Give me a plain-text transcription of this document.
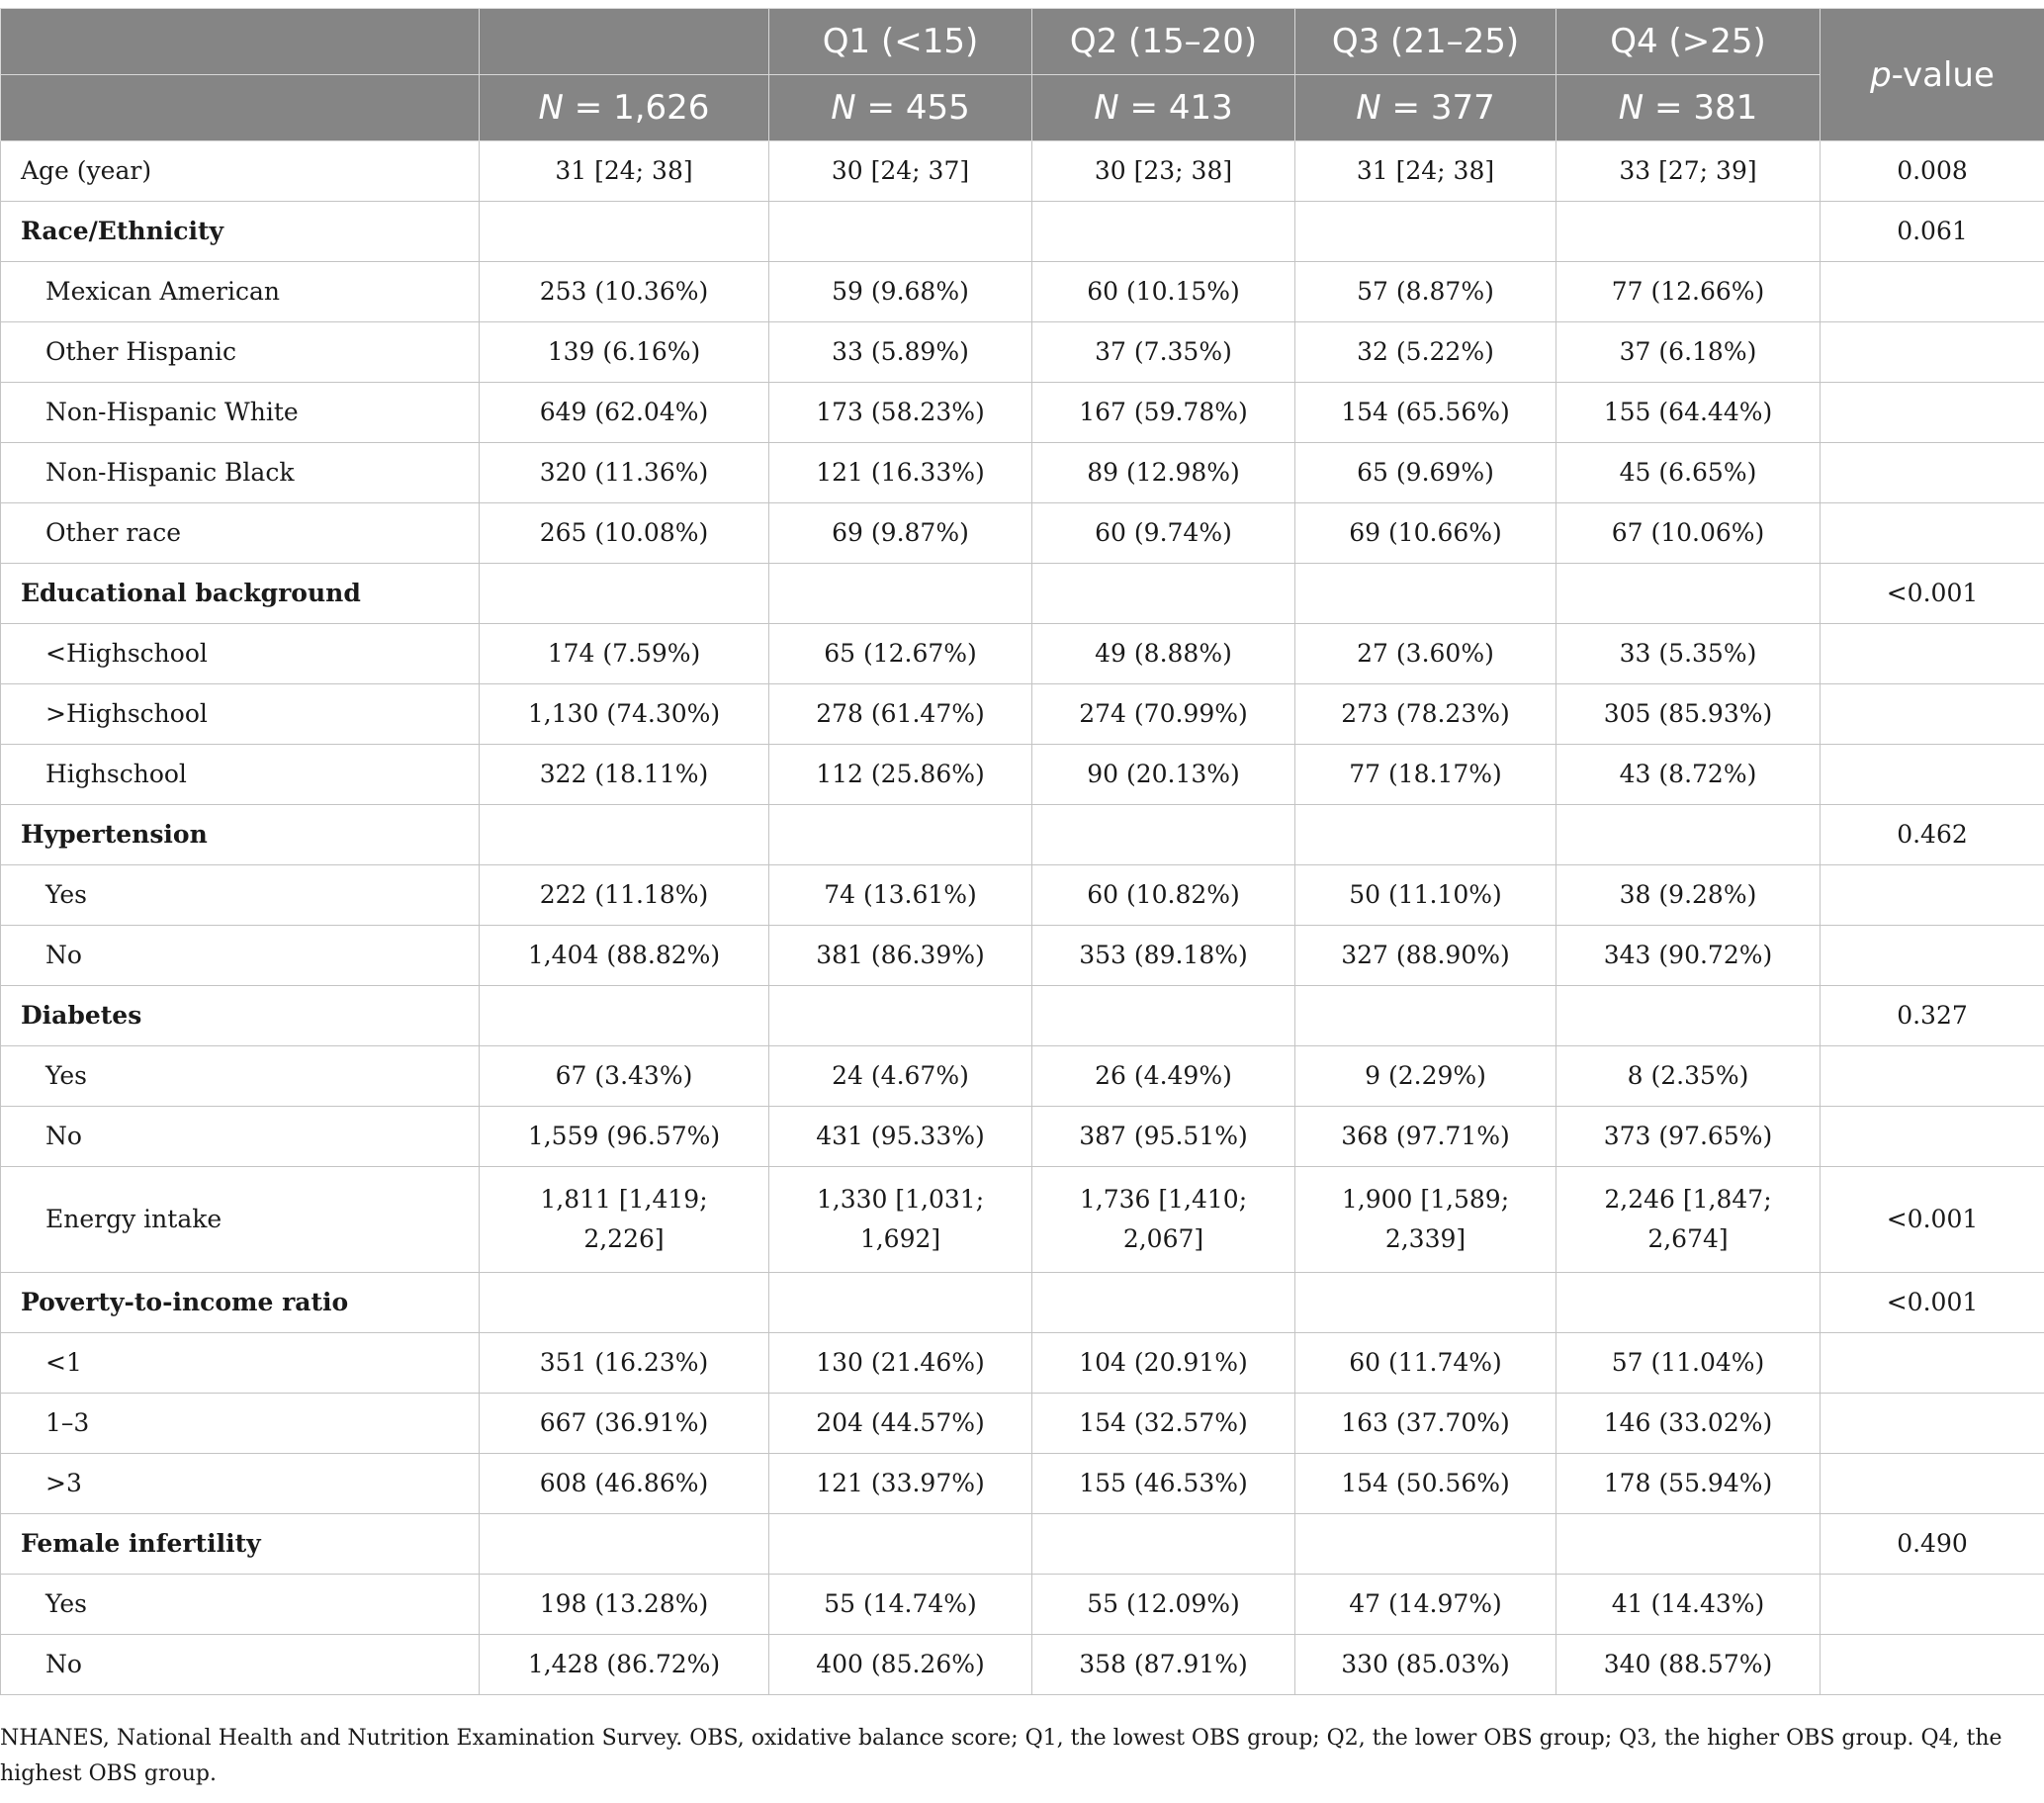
		Q1 (<15)	Q2 (15–20)	Q3 (21–25)	Q4 (>25)	p-value
	N = 1,626	N = 455	N = 413	N = 377	N = 381	
Age (year)	31 [24; 38]	30 [24; 37]	30 [23; 38]	31 [24; 38]	33 [27; 39]	0.008
Race/Ethnicity						0.061
Mexican American	253 (10.36%)	59 (9.68%)	60 (10.15%)	57 (8.87%)	77 (12.66%)	
Other Hispanic	139 (6.16%)	33 (5.89%)	37 (7.35%)	32 (5.22%)	37 (6.18%)	
Non-Hispanic White	649 (62.04%)	173 (58.23%)	167 (59.78%)	154 (65.56%)	155 (64.44%)	
Non-Hispanic Black	320 (11.36%)	121 (16.33%)	89 (12.98%)	65 (9.69%)	45 (6.65%)	
Other race	265 (10.08%)	69 (9.87%)	60 (9.74%)	69 (10.66%)	67 (10.06%)	
Educational background						<0.001
<Highschool	174 (7.59%)	65 (12.67%)	49 (8.88%)	27 (3.60%)	33 (5.35%)	
>Highschool	1,130 (74.30%)	278 (61.47%)	274 (70.99%)	273 (78.23%)	305 (85.93%)	
Highschool	322 (18.11%)	112 (25.86%)	90 (20.13%)	77 (18.17%)	43 (8.72%)	
Hypertension						0.462
Yes	222 (11.18%)	74 (13.61%)	60 (10.82%)	50 (11.10%)	38 (9.28%)	
No	1,404 (88.82%)	381 (86.39%)	353 (89.18%)	327 (88.90%)	343 (90.72%)	
Diabetes						0.327
Yes	67 (3.43%)	24 (4.67%)	26 (4.49%)	9 (2.29%)	8 (2.35%)	
No	1,559 (96.57%)	431 (95.33%)	387 (95.51%)	368 (97.71%)	373 (97.65%)	
Energy intake	1,811 [1,419; 2,226]	1,330 [1,031; 1,692]	1,736 [1,410; 2,067]	1,900 [1,589; 2,339]	2,246 [1,847; 2,674]	<0.001
Poverty-to-income ratio						<0.001
<1	351 (16.23%)	130 (21.46%)	104 (20.91%)	60 (11.74%)	57 (11.04%)	
1–3	667 (36.91%)	204 (44.57%)	154 (32.57%)	163 (37.70%)	146 (33.02%)	
>3	608 (46.86%)	121 (33.97%)	155 (46.53%)	154 (50.56%)	178 (55.94%)	
Female infertility						0.490
Yes	198 (13.28%)	55 (14.74%)	55 (12.09%)	47 (14.97%)	41 (14.43%)	
No	1,428 (86.72%)	400 (85.26%)	358 (87.91%)	330 (85.03%)	340 (88.57%)	
NHANES, National Health and Nutrition Examination Survey. OBS, oxidative balance score; Q1, the lowest OBS group; Q2, the lower OBS group; Q3, the higher OBS group. Q4, the highest OBS group.
